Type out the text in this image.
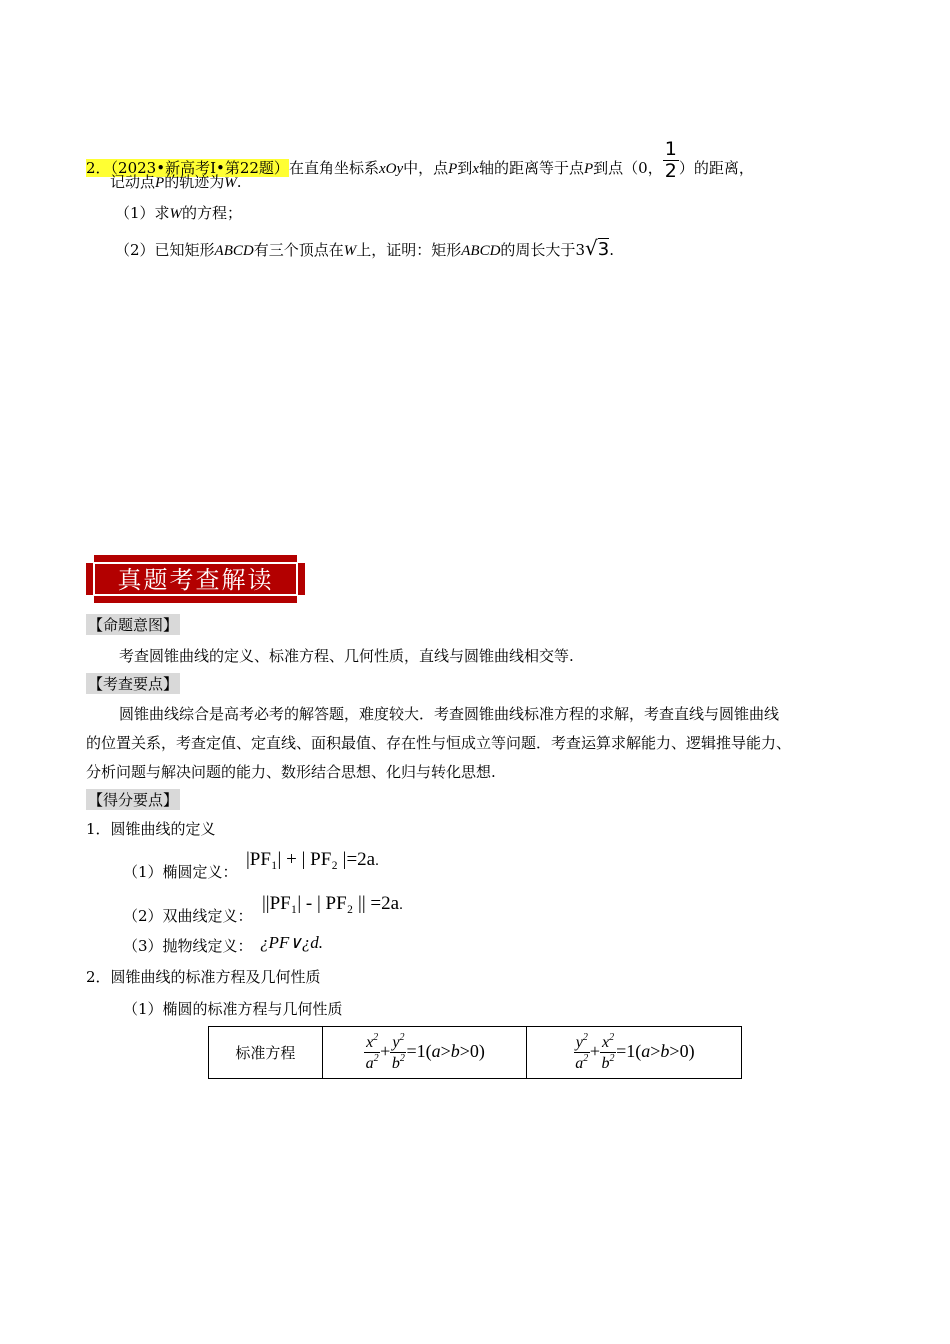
2．（2023•新高考Ⅰ•第22题）在直角坐标系xOy中，点P到x轴的距离等于点P到点（0， $\frac{1}{2}$ ）的距离，
记动点P的轨迹为W.
（1）求W的方程；
（2）已知矩形ABCD有三个顶点在W上，证明：矩形ABCD的周长大于3√3.
真题考查解读
【命题意图】
考查圆锥曲线的定义、标准方程、几何性质，直线与圆锥曲线相交等.
【考查要点】
圆锥曲线综合是高考必考的解答题，难度较大．考查圆锥曲线标准方程的求解，考查直线与圆锥曲线
的位置关系，考查定值、定直线、面积最值、存在性与恒成立等问题．考查运算求解能力、逻辑推导能力、
分析问题与解决问题的能力、数形结合思想、化归与转化思想.
【得分要点】
1．圆锥曲线的定义
（1）椭圆定义：
|PF₁| + | PF₂ |=2a.
（2）双曲线定义：
||PF₁| - | PF₂ || =2a.
（3）抛物线定义： ¿PF∨¿d.
2．圆锥曲线的标准方程及几何性质
（1）椭圆的标准方程与几何性质
标准方程	$\frac{x^2}{a^2} + \frac{y^2}{b^2} =1(a>b>0)$	$\frac{y^2}{a^2} + \frac{x^2}{b^2} =1(a>b>0)$
